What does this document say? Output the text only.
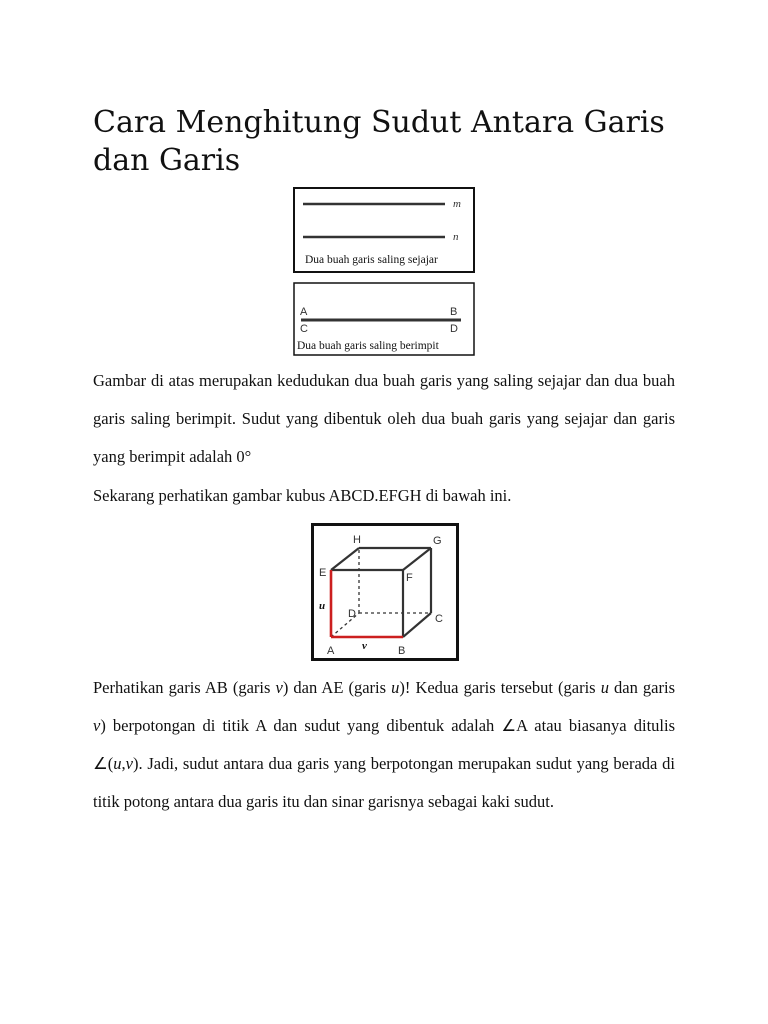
Cara Menghitung Sudut Antara Garis dan Garis
m
n
Dua buah garis saling sejajar
A	B
C	D
Dua buah garis saling berimpit

Gambar di atas merupakan kedudukan dua buah garis yang saling sejajar dan dua buah garis saling berimpit. Sudut yang dibentuk oleh dua buah garis yang sejajar dan garis yang berimpit adalah 0°

Sekarang perhatikan gambar kubus ABCD.EFGH di bawah ini.

A	B
C
D
E	F
G
H
u
v

Perhatikan garis AB (garis v) dan AE (garis u)! Kedua garis tersebut (garis u dan garis v) berpotongan di titik A dan sudut yang dibentuk adalah ∠A atau biasanya ditulis ∠(u,v). Jadi, sudut antara dua garis yang berpotongan merupakan sudut yang berada di titik potong antara dua garis itu dan sinar garisnya sebagai kaki sudut.
